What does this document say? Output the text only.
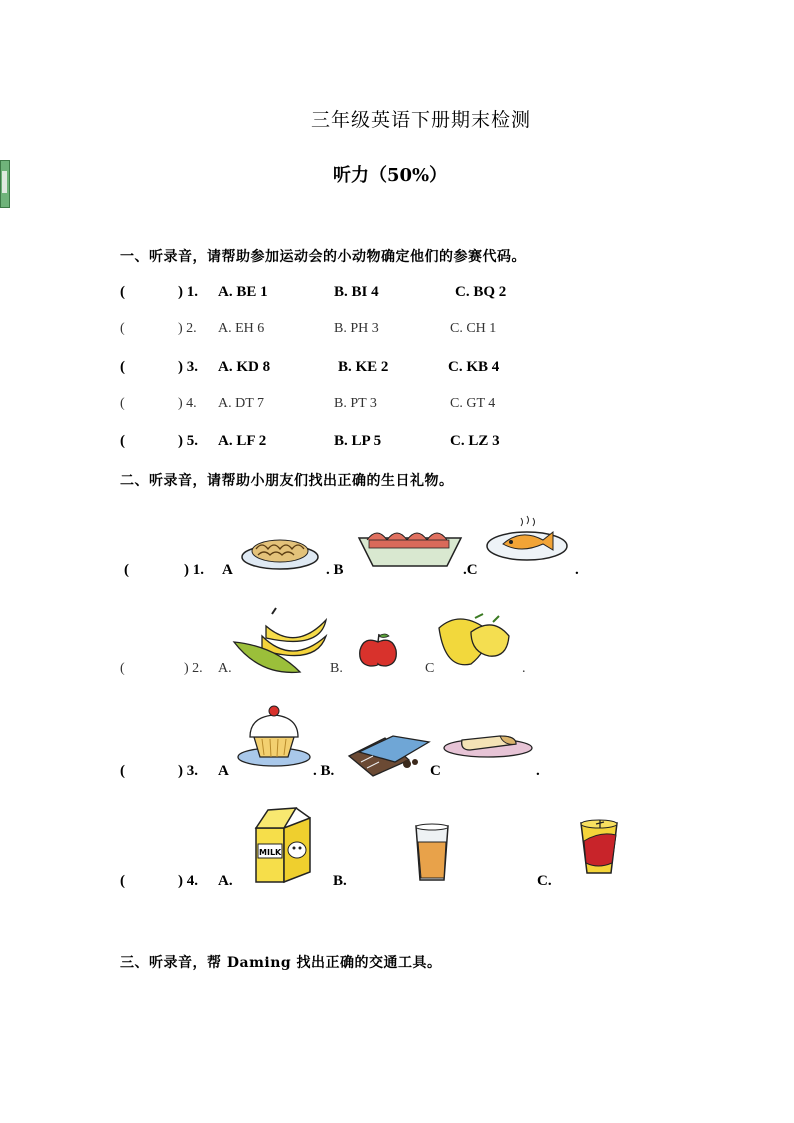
三年级英语下册期末检测
听力（50%）
一、听录音，请帮助参加运动会的小动物确定他们的参赛代码。
(	) 1. A. BE 1	B. BI 4	C. BQ 2
(	) 2. A. EH 6	B. PH 3	C. CH 1
(	) 3. A. KD 8	B. KE 2	C. KB 4
(	) 4. A. DT 7	B. PT 3	C. GT 4
(	) 5. A. LF 2	B. LP 5	C. LZ 3
二、听录音，请帮助小朋友们找出正确的生日礼物。
(	) 1. A	. B	.C	.
(	) 2. A.	B.	C	.
(	) 3. A	. B.	C	.
(	) 4. A.	B.	C.
MILK
三、听录音，帮 Daming 找出正确的交通工具。
